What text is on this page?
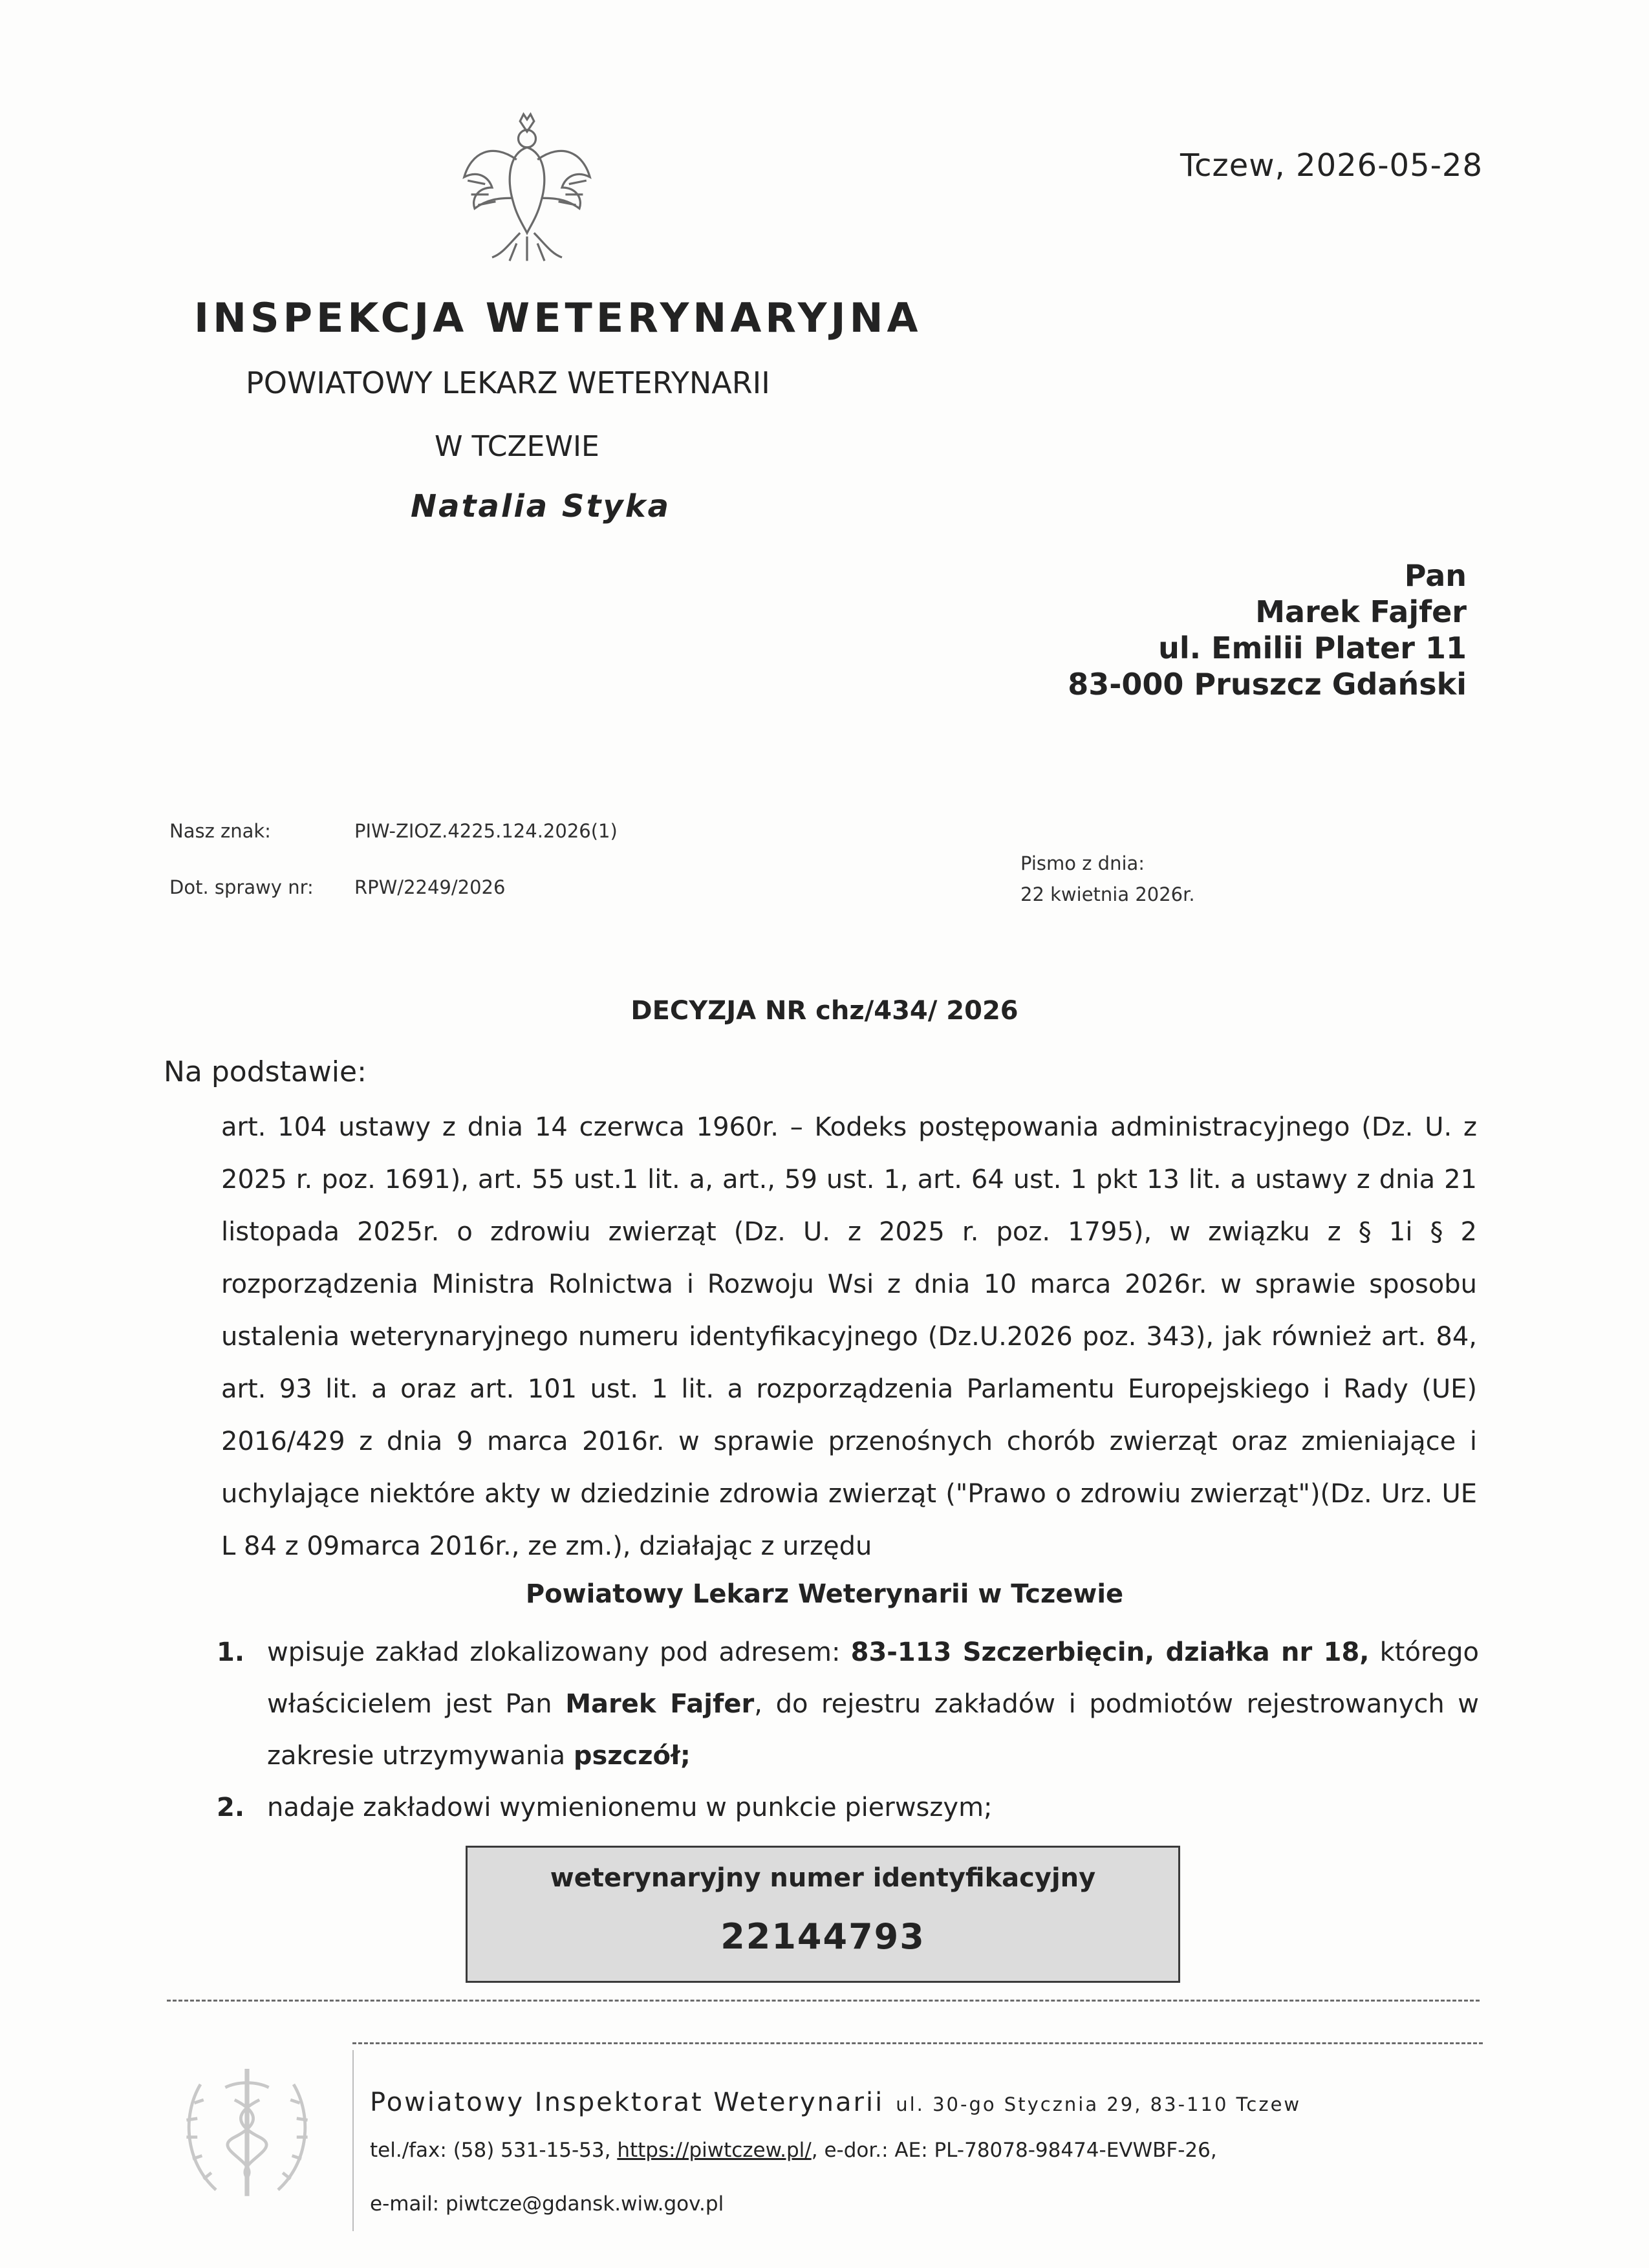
Tczew, 2026-05-28
INSPEKCJA WETERYNARYJNA
POWIATOWY LEKARZ WETERYNARII
W TCZEWIE
Natalia Styka
Pan
Marek Fajfer
ul. Emilii Plater 11
83-000 Pruszcz Gdański
Nasz znak:	PIW-ZIOZ.4225.124.2026(1)
Dot. sprawy nr: RPW/2249/2026
Pismo z dnia:
22 kwietnia 2026r.
DECYZJA NR chz/434/ 2026
Na podstawie:
art. 104 ustawy z dnia 14 czerwca 1960r. – Kodeks postępowania administracyjnego (Dz. U. z 2025 r. poz. 1691), art. 55 ust.1 lit. a, art., 59 ust. 1, art. 64 ust. 1 pkt 13 lit. a ustawy z dnia 21 listopada 2025r. o zdrowiu zwierząt (Dz. U. z 2025 r. poz. 1795), w związku z § 1i § 2 rozporządzenia Ministra Rolnictwa i Rozwoju Wsi z dnia 10 marca 2026r. w sprawie sposobu ustalenia weterynaryjnego numeru identyfikacyjnego (Dz.U.2026 poz. 343), jak również art. 84, art. 93 lit. a oraz art. 101 ust. 1 lit. a rozporządzenia Parlamentu Europejskiego i Rady (UE) 2016/429 z dnia 9 marca 2016r. w sprawie przenośnych chorób zwierząt oraz zmieniające i uchylające niektóre akty w dziedzinie zdrowia zwierząt ("Prawo o zdrowiu zwierząt")(Dz. Urz. UE L 84 z 09marca 2016r., ze zm.), działając z urzędu
Powiatowy Lekarz Weterynarii w Tczewie
1. wpisuje zakład zlokalizowany pod adresem: 83-113 Szczerbięcin, działka nr 18, którego właścicielem jest Pan Marek Fajfer, do rejestru zakładów i podmiotów rejestrowanych w zakresie utrzymywania pszczół;

2. nadaje zakładowi wymienionemu w punkcie pierwszym;

weterynaryjny numer identyfikacyjny
22144793
Powiatowy Inspektorat Weterynarii ul. 30-go Stycznia 29, 83-110 Tczew
tel./fax: (58) 531-15-53, https://piwtczew.pl/, e-dor.: AE: PL-78078-98474-EVWBF-26,
e-mail: piwtcze@gdansk.wiw.gov.pl
